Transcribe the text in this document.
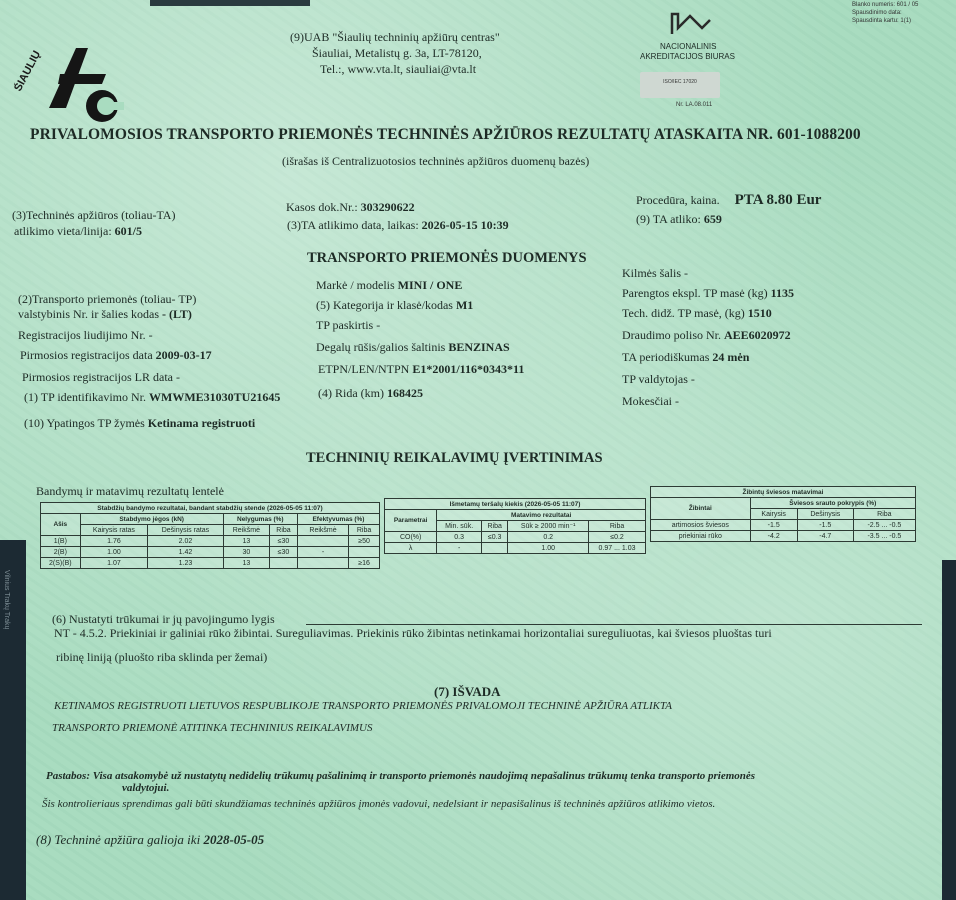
ŠIAULIŲ
(9)UAB "Šiaulių techninių apžiūrų centras"
Šiauliai, Metalistų g. 3a, LT-78120,
Tel.:, www.vta.lt, siauliai@vta.lt
NACIONALINIS
AKREDITACIJOS BIURAS

ISO/IEC 17020
Nr. LA.08.011
Blanko numeris: 601 / 05
Spausdinimo data:
Spausdinta kartu: 1(1)
PRIVALOMOSIOS TRANSPORTO PRIEMONĖS TECHNINĖS APŽIŪROS REZULTATŲ ATASKAITA NR. 601-1088200
(išrašas iš Centralizuotosios techninės apžiūros duomenų bazės)
(3)Techninės apžiūros (toliau-TA)
atlikimo vieta/linija: 601/5
Kasos dok.Nr.: 303290622
(3)TA atlikimo data, laikas: 2026-05-15 10:39
Procedūra, kaina. PTA 8.80 Eur
(9) TA atliko: 659
TRANSPORTO PRIEMONĖS DUOMENYS
(2)Transporto priemonės (toliau- TP)
valstybinis Nr. ir šalies kodas - (LT)
Registracijos liudijimo Nr. -
Pirmosios registracijos data 2009-03-17
Pirmosios registracijos LR data -
(1) TP identifikavimo Nr. WMWME31030TU21645
(10) Ypatingos TP žymės Ketinama registruoti
Markė / modelis MINI / ONE
(5) Kategorija ir klasė/kodas M1
TP paskirtis -
Degalų rūšis/galios šaltinis BENZINAS
ETPN/LEN/NTPN E1*2001/116*0343*11
(4) Rida (km) 168425
Kilmės šalis -
Parengtos ekspl. TP masė (kg) 1135
Tech. didž. TP masė, (kg) 1510
Draudimo poliso Nr. AEE6020972
TA periodiškumas 24 mėn
TP valdytojas -
Mokesčiai -
TECHNINIŲ REIKALAVIMŲ ĮVERTINIMAS
Bandymų ir matavimų rezultatų lentelė
Stabdžių bandymo rezultatai, bandant stabdžių stende (2026-05-05 11:07)						
Ašis	Stabdymo jėgos (kN)		Nelygumas (%)		Efektyvumas (%)	
	Kairysis ratas	Dešinysis ratas	Reikšmė	Riba	Reikšmė	Riba
1(B)	1.76	2.02	13	≤30		≥50
2(B)	1.00	1.42	30	≤30	-	
2(S)(B)	1.07	1.23	13			≥16
Išmetamų teršalų kiekis (2026-05-05 11:07)				
Parametrai	Matavimo rezultatai			
	Min. sūk.	Riba	Sūk ≥ 2000 min⁻¹	Riba
CO(%)	0.3	≤0.3	0.2	≤0.2
λ	-		1.00	0.97 ... 1.03
Žibintų šviesos matavimai			
Žibintai	Šviesos srauto pokrypis (%)		
	Kairysis	Dešinysis	Riba
artimosios šviesos	-1.5	-1.5	-2.5 ... -0.5
priekiniai rūko	-4.2	-4.7	-3.5 ... -0.5
(6) Nustatyti trūkumai ir jų pavojingumo lygis
NT - 4.5.2. Priekiniai ir galiniai rūko žibintai. Sureguliavimas. Priekinis rūko žibintas netinkamai horizontaliai sureguliuotas, kai šviesos pluoštas turi
ribinę liniją (pluošto riba sklinda per žemai)
(7) IŠVADA
KETINAMOS REGISTRUOTI LIETUVOS RESPUBLIKOJE TRANSPORTO PRIEMONĖS PRIVALOMOJI TECHNINĖ APŽIŪRA ATLIKTA
TRANSPORTO PRIEMONĖ ATITINKA TECHNINIUS REIKALAVIMUS
Pastabos: Visa atsakomybė už nustatytų nedidelių trūkumų pašalinimą ir transporto priemonės naudojimą nepašalinus trūkumų tenka transporto priemonės
valdytojui.
Šis kontrolieriaus sprendimas gali būti skundžiamas techninės apžiūros įmonės vadovui, nedelsiant ir nepasišalinus iš techninės apžiūros atlikimo vietos.
(8) Techninė apžiūra galioja iki 2028-05-05
Vilnius Trakų Trakų
